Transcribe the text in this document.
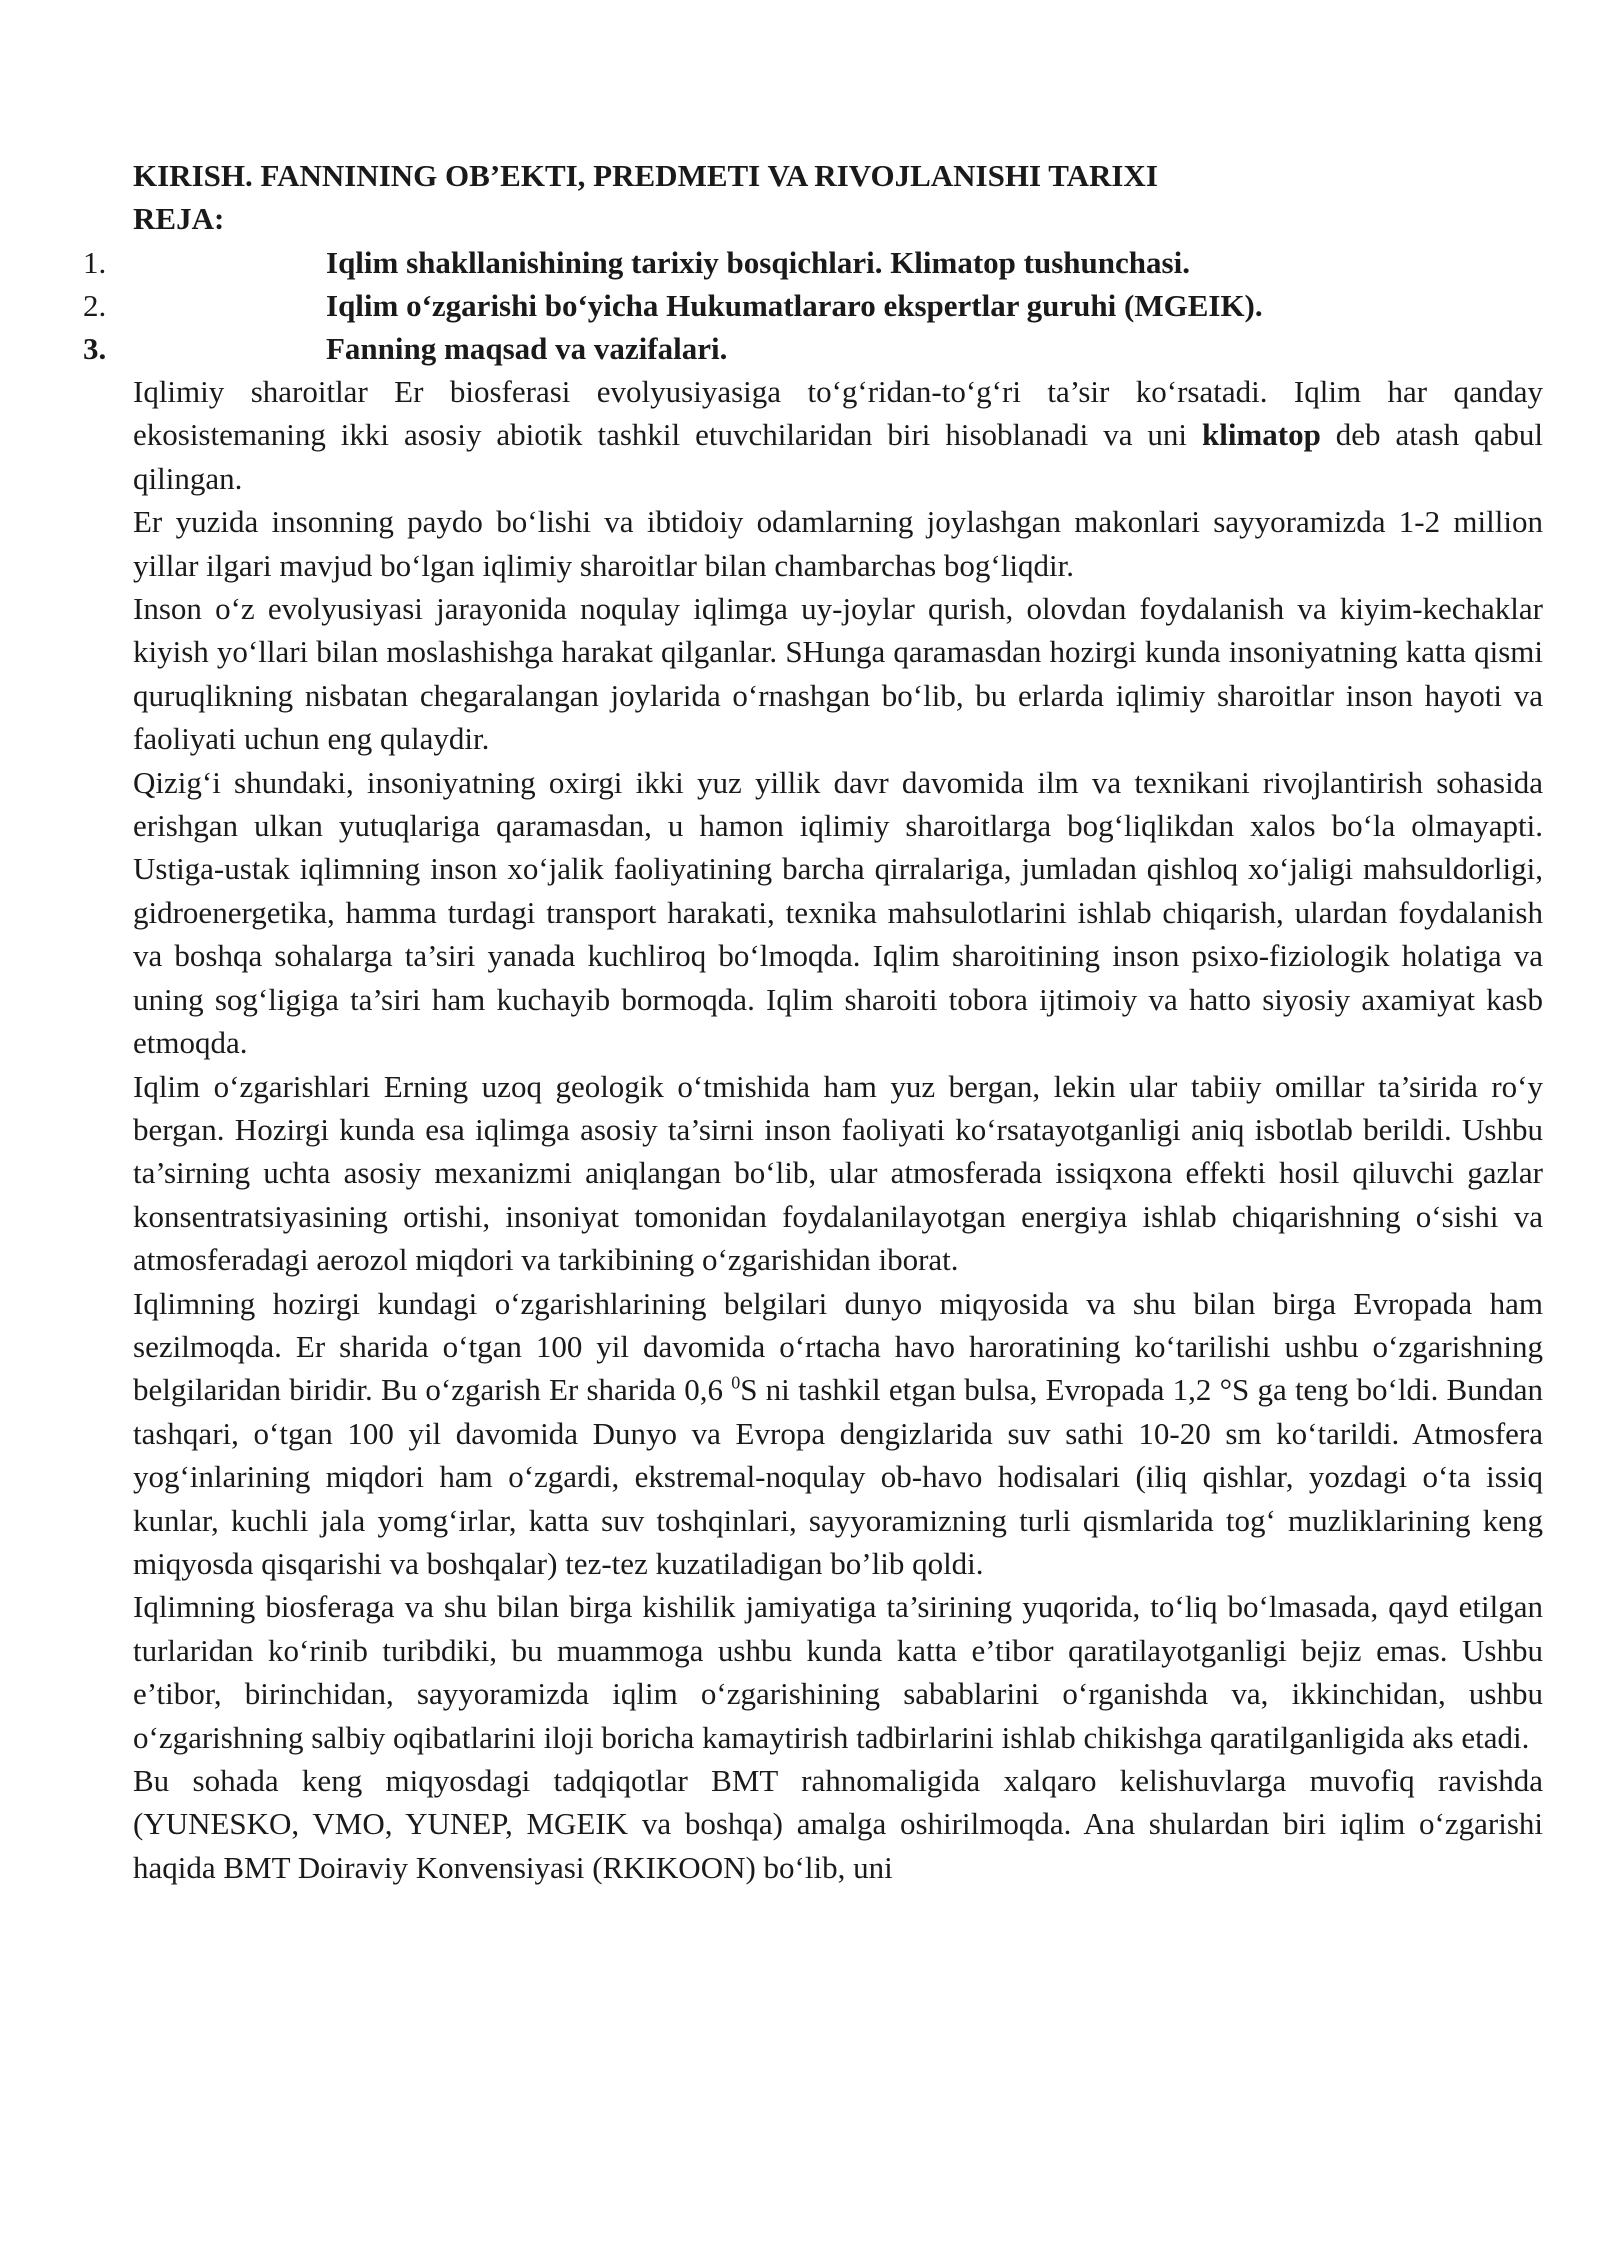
KIRISH. FANNINING OB’EKTI, PREDMETI VA RIVOJLANISHI TARIXI
REJA:
1.	Iqlim shakllanishining tarixiy bosqichlari. Klimatop tushunchasi.
2.	Iqlim o‘zgarishi bo‘yicha Hukumatlararo ekspertlar guruhi (MGEIK).
3.	Fanning maqsad va vazifalari.

Iqlimiy sharoitlar Er biosferasi evolyusiyasiga to‘g‘ridan-to‘g‘ri ta’sir ko‘rsatadi. Iqlim har qanday ekosistemaning ikki asosiy abiotik tashkil etuvchilaridan biri hisoblanadi va uni klimatop deb atash qabul qilingan.

Er yuzida insonning paydo bo‘lishi va ibtidoiy odamlarning joylashgan makonlari sayyoramizda 1-2 million yillar ilgari mavjud bo‘lgan iqlimiy sharoitlar bilan chambarchas bog‘liqdir.

Inson o‘z evolyusiyasi jarayonida noqulay iqlimga uy-joylar qurish, olovdan foydalanish va kiyim-kechaklar kiyish yo‘llari bilan moslashishga harakat qilganlar. SHunga qaramasdan hozirgi kunda insoniyatning katta qismi quruqlikning nisbatan chegaralangan joylarida o‘rnashgan bo‘lib, bu erlarda iqlimiy sharoitlar inson hayoti va faoliyati uchun eng qulaydir.

Qizig‘i shundaki, insoniyatning oxirgi ikki yuz yillik davr davomida ilm va texnikani rivojlantirish sohasida erishgan ulkan yutuqlariga qaramasdan, u hamon iqlimiy sharoitlarga bog‘liqlikdan xalos bo‘la olmayapti. Ustiga-ustak iqlimning inson xo‘jalik faoliyatining barcha qirralariga, jumladan qishloq xo‘jaligi mahsuldorligi, gidroenergetika, hamma turdagi transport harakati, texnika mahsulotlarini ishlab chiqarish, ulardan foydalanish va boshqa sohalarga ta’siri yanada kuchliroq bo‘lmoqda. Iqlim sharoitining inson psixo-fiziologik holatiga va uning sog‘ligiga ta’siri ham kuchayib bormoqda. Iqlim sharoiti tobora ijtimoiy va hatto siyosiy axamiyat kasb etmoqda.

Iqlim o‘zgarishlari Erning uzoq geologik o‘tmishida ham yuz bergan, lekin ular tabiiy omillar ta’sirida ro‘y bergan. Hozirgi kunda esa iqlimga asosiy ta’sirni inson faoliyati ko‘rsatayotganligi aniq isbotlab berildi. Ushbu ta’sirning uchta asosiy mexanizmi aniqlangan bo‘lib, ular atmosferada issiqxona effekti hosil qiluvchi gazlar konsentratsiyasining ortishi, insoniyat tomonidan foydalanilayotgan energiya ishlab chiqarishning o‘sishi va atmosferadagi aerozol miqdori va tarkibining o‘zgarishidan iborat.

Iqlimning hozirgi kundagi o‘zgarishlarining belgilari dunyo miqyosida va shu bilan birga Evropada ham sezilmoqda. Er sharida o‘tgan 100 yil davomida o‘rtacha havo haroratining ko‘tarilishi ushbu o‘zgarishning belgilaridan biridir. Bu o‘zgarish Er sharida 0,6 $^0$S ni tashkil etgan bulsa, Evropada 1,2 °S ga teng bo‘ldi. Bundan tashqari, o‘tgan 100 yil davomida Dunyo va Evropa dengizlarida suv sathi 10-20 sm ko‘tarildi. Atmosfera yog‘inlarining miqdori ham o‘zgardi, ekstremal-noqulay ob-havo hodisalari (iliq qishlar, yozdagi o‘ta issiq kunlar, kuchli jala yomg‘irlar, katta suv toshqinlari, sayyoramizning turli qismlarida tog‘ muzliklarining keng miqyosda qisqarishi va boshqalar) tez-tez kuzatiladigan bo’lib qoldi.

Iqlimning biosferaga va shu bilan birga kishilik jamiyatiga ta’sirining yuqorida, to‘liq bo‘lmasada, qayd etilgan turlaridan ko‘rinib turibdiki, bu muammoga ushbu kunda katta e’tibor qaratilayotganligi bejiz emas. Ushbu e’tibor, birinchidan, sayyoramizda iqlim o‘zgarishining sabablarini o‘rganishda va, ikkinchidan, ushbu o‘zgarishning salbiy oqibatlarini iloji boricha kamaytirish tadbirlarini ishlab chikishga qaratilganligida aks etadi.

Bu sohada keng miqyosdagi tadqiqotlar BMT rahnomaligida xalqaro kelishuvlarga muvofiq ravishda (YUNESKO, VMO, YUNEP, MGEIK va boshqa) amalga oshirilmoqda. Ana shulardan biri iqlim o‘zgarishi haqida BMT Doiraviy Konvensiyasi (RKIKOON) bo‘lib, uni
